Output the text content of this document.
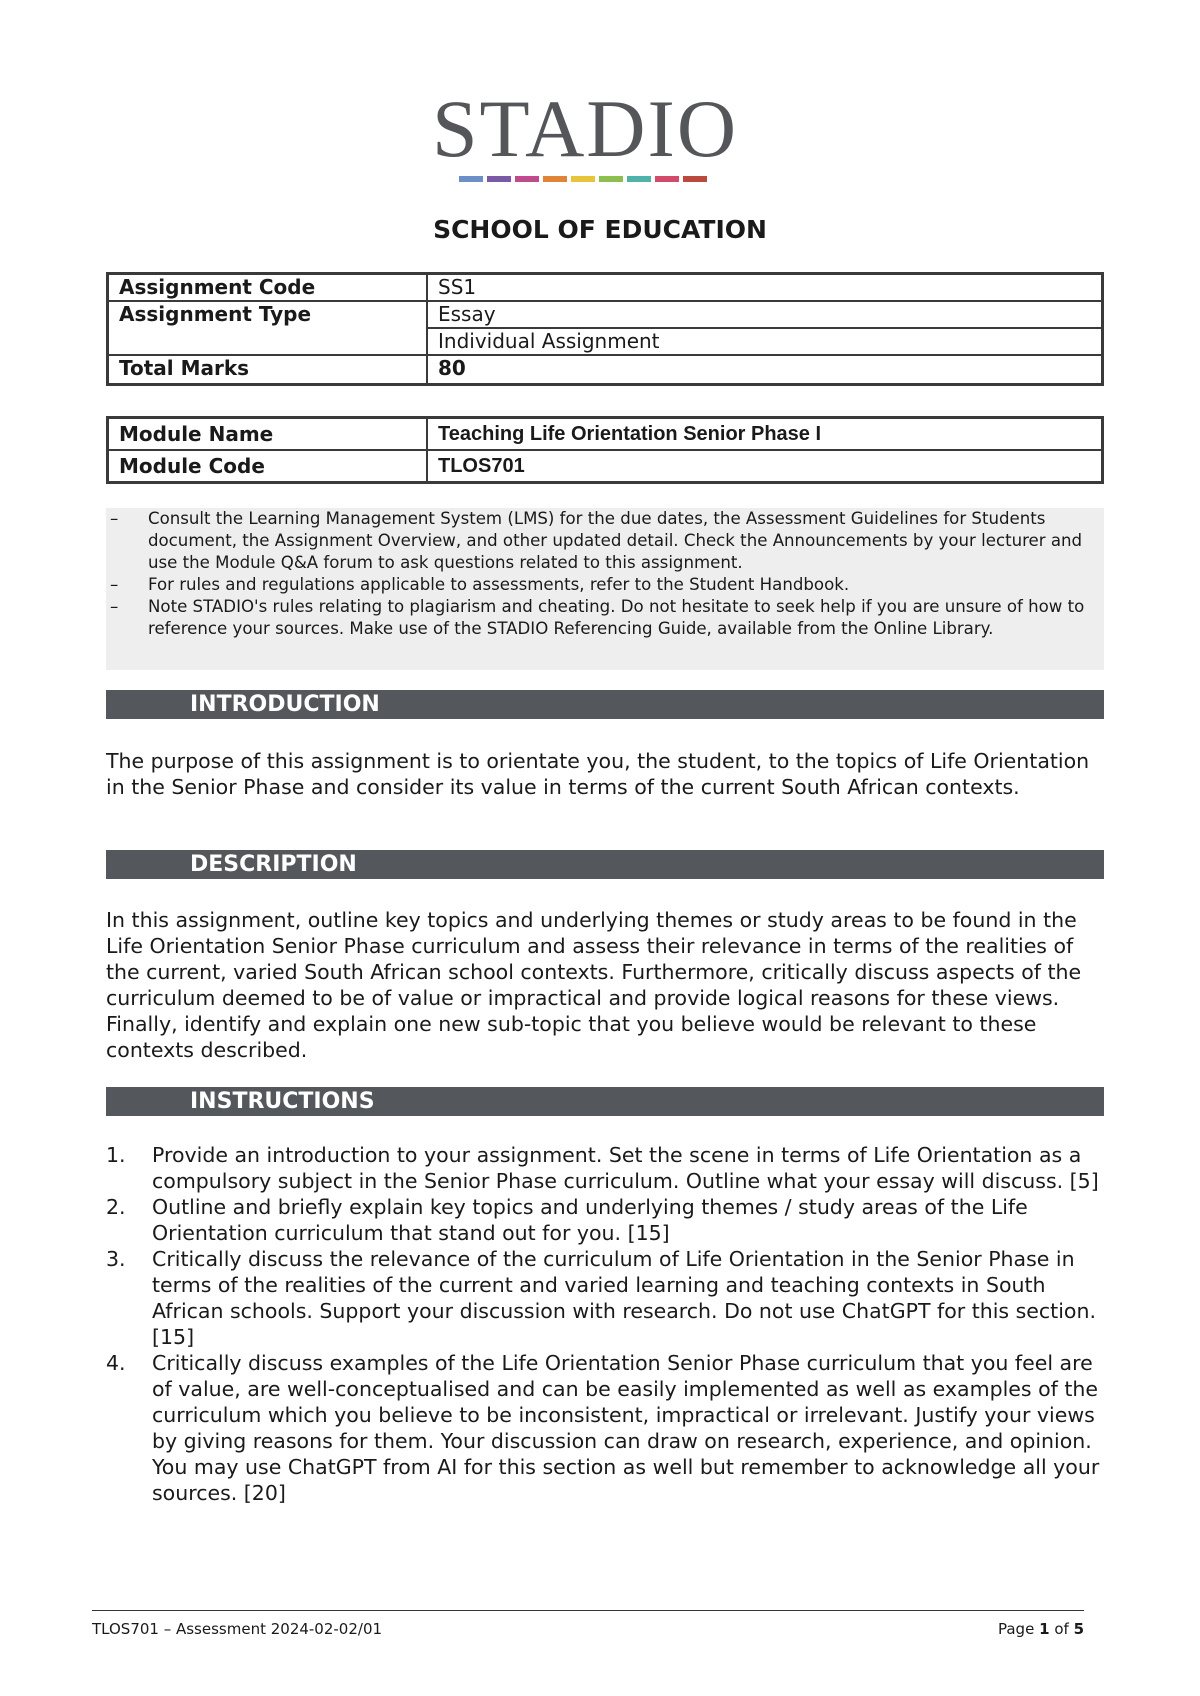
STADIO
SCHOOL OF EDUCATION
Assignment Code	SS1
Assignment Type	Essay
	Individual Assignment
Total Marks	80
Module Name	Teaching Life Orientation Senior Phase I
Module Code	TLOS701
– Consult the Learning Management System (LMS) for the due dates, the Assessment Guidelines for Students document, the Assignment Overview, and other updated detail. Check the Announcements by your lecturer and use the Module Q&A forum to ask questions related to this assignment.
– For rules and regulations applicable to assessments, refer to the Student Handbook.
– Note STADIO's rules relating to plagiarism and cheating. Do not hesitate to seek help if you are unsure of how to reference your sources. Make use of the STADIO Referencing Guide, available from the Online Library.
INTRODUCTION
The purpose of this assignment is to orientate you, the student, to the topics of Life Orientation in the Senior Phase and consider its value in terms of the current South African contexts.
DESCRIPTION
In this assignment, outline key topics and underlying themes or study areas to be found in the Life Orientation Senior Phase curriculum and assess their relevance in terms of the realities of the current, varied South African school contexts. Furthermore, critically discuss aspects of the curriculum deemed to be of value or impractical and provide logical reasons for these views. Finally, identify and explain one new sub-topic that you believe would be relevant to these contexts described.
INSTRUCTIONS
1. Provide an introduction to your assignment. Set the scene in terms of Life Orientation as a compulsory subject in the Senior Phase curriculum. Outline what your essay will discuss. [5]
2. Outline and briefly explain key topics and underlying themes / study areas of the Life Orientation curriculum that stand out for you. [15]
3. Critically discuss the relevance of the curriculum of Life Orientation in the Senior Phase in terms of the realities of the current and varied learning and teaching contexts in South African schools. Support your discussion with research. Do not use ChatGPT for this section. [15]
4. Critically discuss examples of the Life Orientation Senior Phase curriculum that you feel are of value, are well-conceptualised and can be easily implemented as well as examples of the curriculum which you believe to be inconsistent, impractical or irrelevant. Justify your views by giving reasons for them. Your discussion can draw on research, experience, and opinion. You may use ChatGPT from AI for this section as well but remember to acknowledge all your sources. [20]
TLOS701 – Assessment 2024-02-02/01	Page 1 of 5
